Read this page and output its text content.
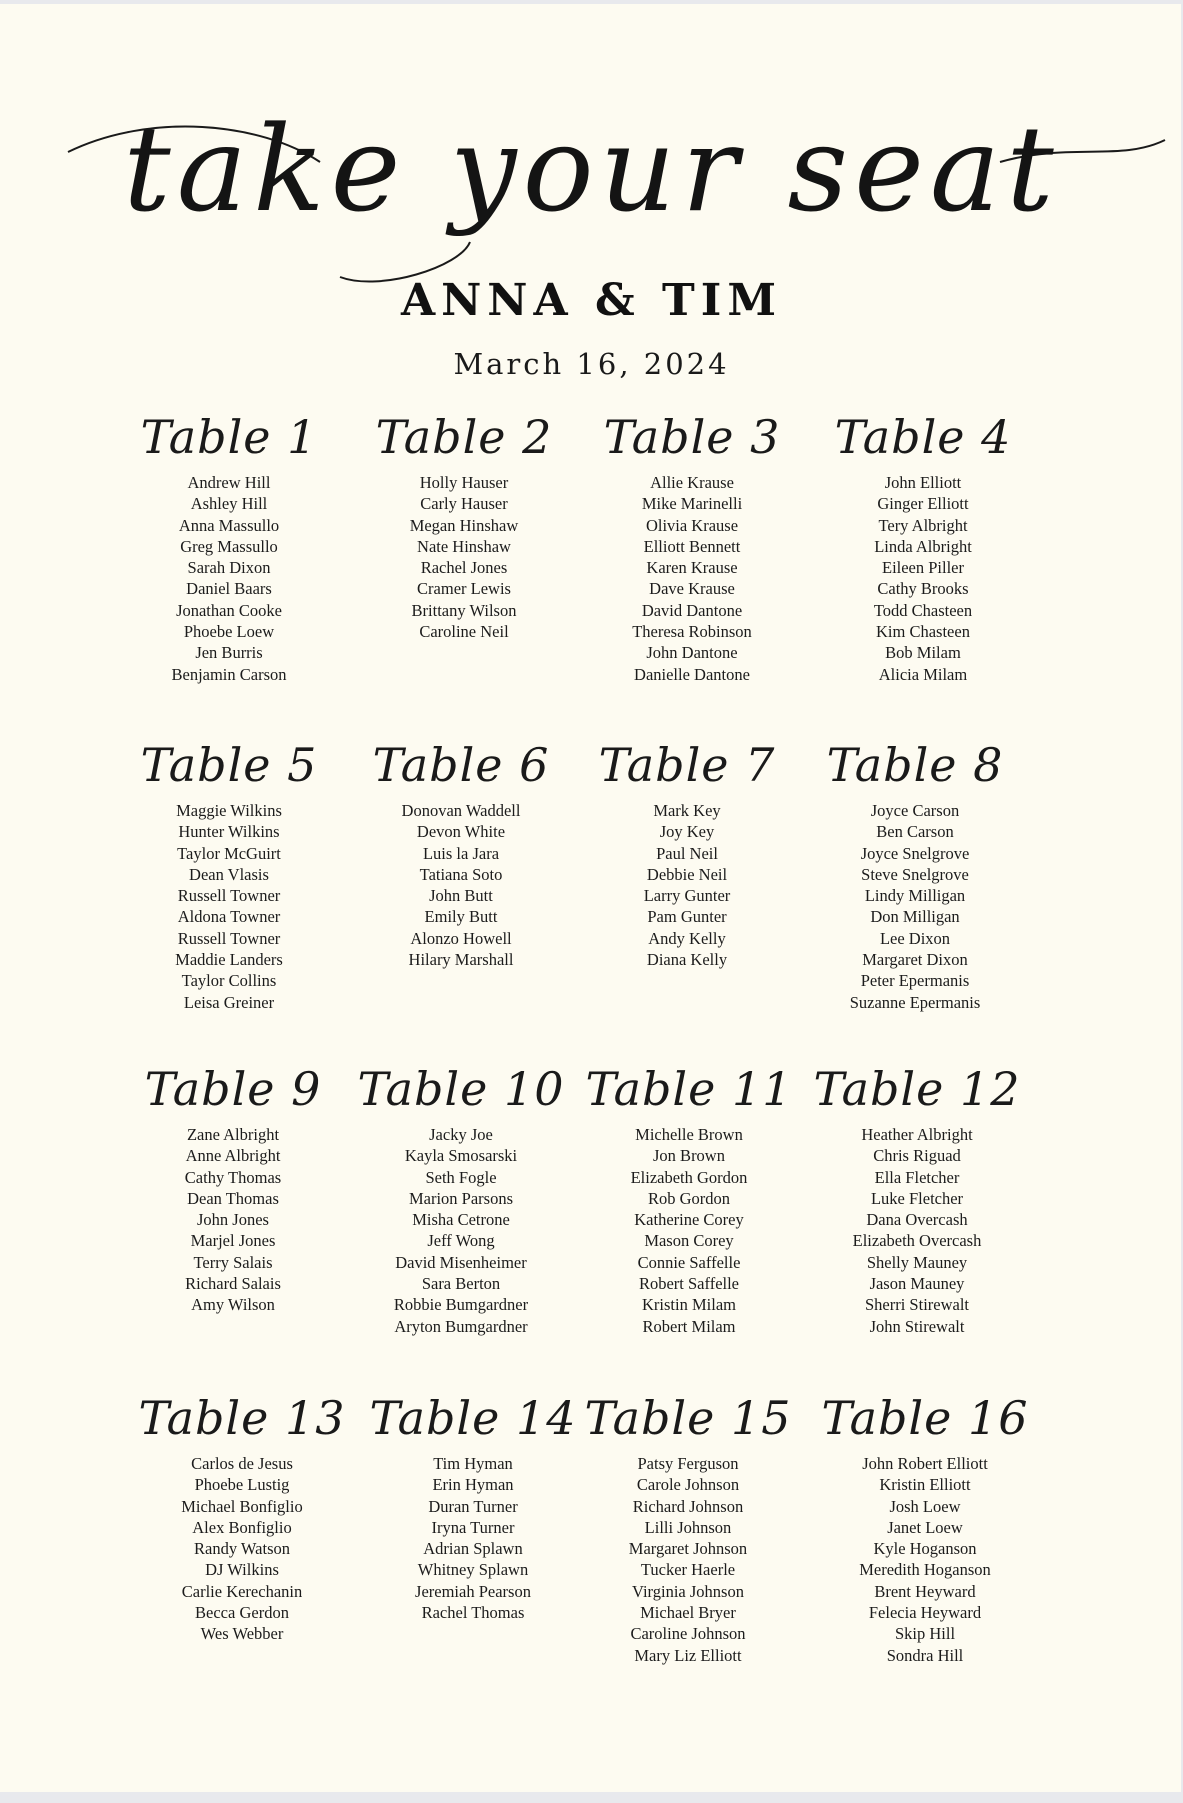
take your seat
ANNA & TIM
March 16, 2024
Table 1
Andrew Hill
Ashley Hill
Anna Massullo
Greg Massullo
Sarah Dixon
Daniel Baars
Jonathan Cooke
Phoebe Loew
Jen Burris
Benjamin Carson
Table 2
Holly Hauser
Carly Hauser
Megan Hinshaw
Nate Hinshaw
Rachel Jones
Cramer Lewis
Brittany Wilson
Caroline Neil
Table 3
Allie Krause
Mike Marinelli
Olivia Krause
Elliott Bennett
Karen Krause
Dave Krause
David Dantone
Theresa Robinson
John Dantone
Danielle Dantone
Table 4
John Elliott
Ginger Elliott
Tery Albright
Linda Albright
Eileen Piller
Cathy Brooks
Todd Chasteen
Kim Chasteen
Bob Milam
Alicia Milam
Table 5
Maggie Wilkins
Hunter Wilkins
Taylor McGuirt
Dean Vlasis
Russell Towner
Aldona Towner
Russell Towner
Maddie Landers
Taylor Collins
Leisa Greiner
Table 6
Donovan Waddell
Devon White
Luis la Jara
Tatiana Soto
John Butt
Emily Butt
Alonzo Howell
Hilary Marshall
Table 7
Mark Key
Joy Key
Paul Neil
Debbie Neil
Larry Gunter
Pam Gunter
Andy Kelly
Diana Kelly
Table 8
Joyce Carson
Ben Carson
Joyce Snelgrove
Steve Snelgrove
Lindy Milligan
Don Milligan
Lee Dixon
Margaret Dixon
Peter Epermanis
Suzanne Epermanis
Table 9
Zane Albright
Anne Albright
Cathy Thomas
Dean Thomas
John Jones
Marjel Jones
Terry Salais
Richard Salais
Amy Wilson
Table 10
Jacky Joe
Kayla Smosarski
Seth Fogle
Marion Parsons
Misha Cetrone
Jeff Wong
David Misenheimer
Sara Berton
Robbie Bumgardner
Aryton Bumgardner
Table 11
Michelle Brown
Jon Brown
Elizabeth Gordon
Rob Gordon
Katherine Corey
Mason Corey
Connie Saffelle
Robert Saffelle
Kristin Milam
Robert Milam
Table 12
Heather Albright
Chris Riguad
Ella Fletcher
Luke Fletcher
Dana Overcash
Elizabeth Overcash
Shelly Mauney
Jason Mauney
Sherri Stirewalt
John Stirewalt
Table 13
Carlos de Jesus
Phoebe Lustig
Michael Bonfiglio
Alex Bonfiglio
Randy Watson
DJ Wilkins
Carlie Kerechanin
Becca Gerdon
Wes Webber
Table 14
Tim Hyman
Erin Hyman
Duran Turner
Iryna Turner
Adrian Splawn
Whitney Splawn
Jeremiah Pearson
Rachel Thomas
Table 15
Patsy Ferguson
Carole Johnson
Richard Johnson
Lilli Johnson
Margaret Johnson
Tucker Haerle
Virginia Johnson
Michael Bryer
Caroline Johnson
Mary Liz Elliott
Table 16
John Robert Elliott
Kristin Elliott
Josh Loew
Janet Loew
Kyle Hoganson
Meredith Hoganson
Brent Heyward
Felecia Heyward
Skip Hill
Sondra Hill
